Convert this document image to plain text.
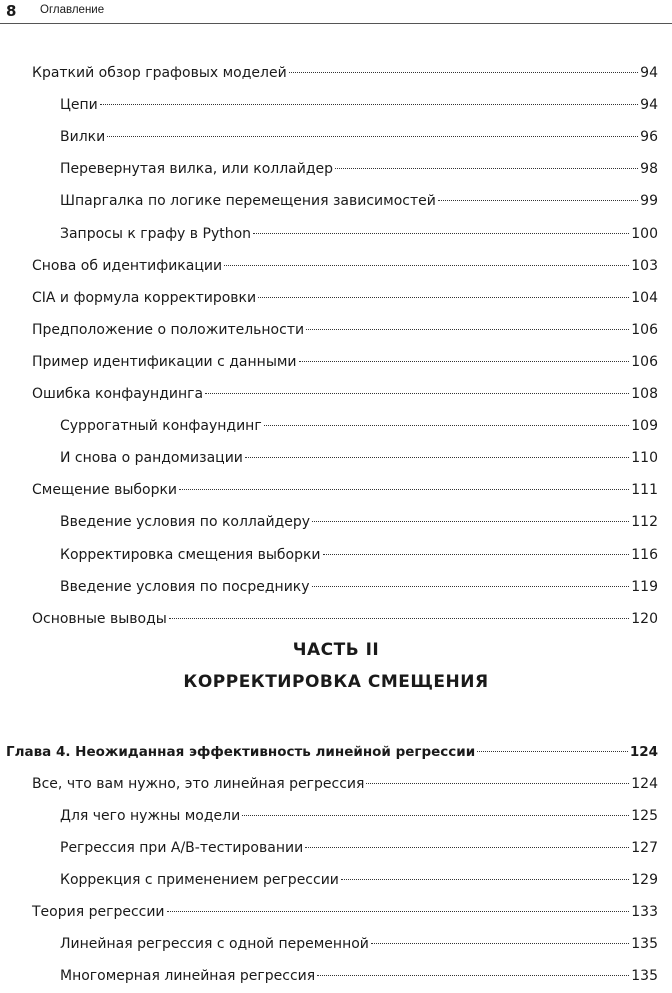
8 Оглавление
Краткий обзор графовых моделей	94
Цепи	94
Вилки	96
Перевернутая вилка, или коллайдер	98
Шпаргалка по логике перемещения зависимостей	99
Запросы к графу в Python	100
Снова об идентификации	103
CIA и формула корректировки	104
Предположение о положительности	106
Пример идентификации с данными	106
Ошибка конфаундинга	108
Суррогатный конфаундинг	109
И снова о рандомизации	110
Смещение выборки	111
Введение условия по коллайдеру	112
Корректировка смещения выборки	116
Введение условия по посреднику	119
Основные выводы	120
ЧАСТЬ II
КОРРЕКТИРОВКА СМЕЩЕНИЯ
Глава 4. Неожиданная эффективность линейной регрессии	124
Все, что вам нужно, это линейная регрессия	124
Для чего нужны модели	125
Регрессия при A/B-тестировании	127
Коррекция с применением регрессии	129
Теория регрессии	133
Линейная регрессия с одной переменной	135
Многомерная линейная регрессия	135
